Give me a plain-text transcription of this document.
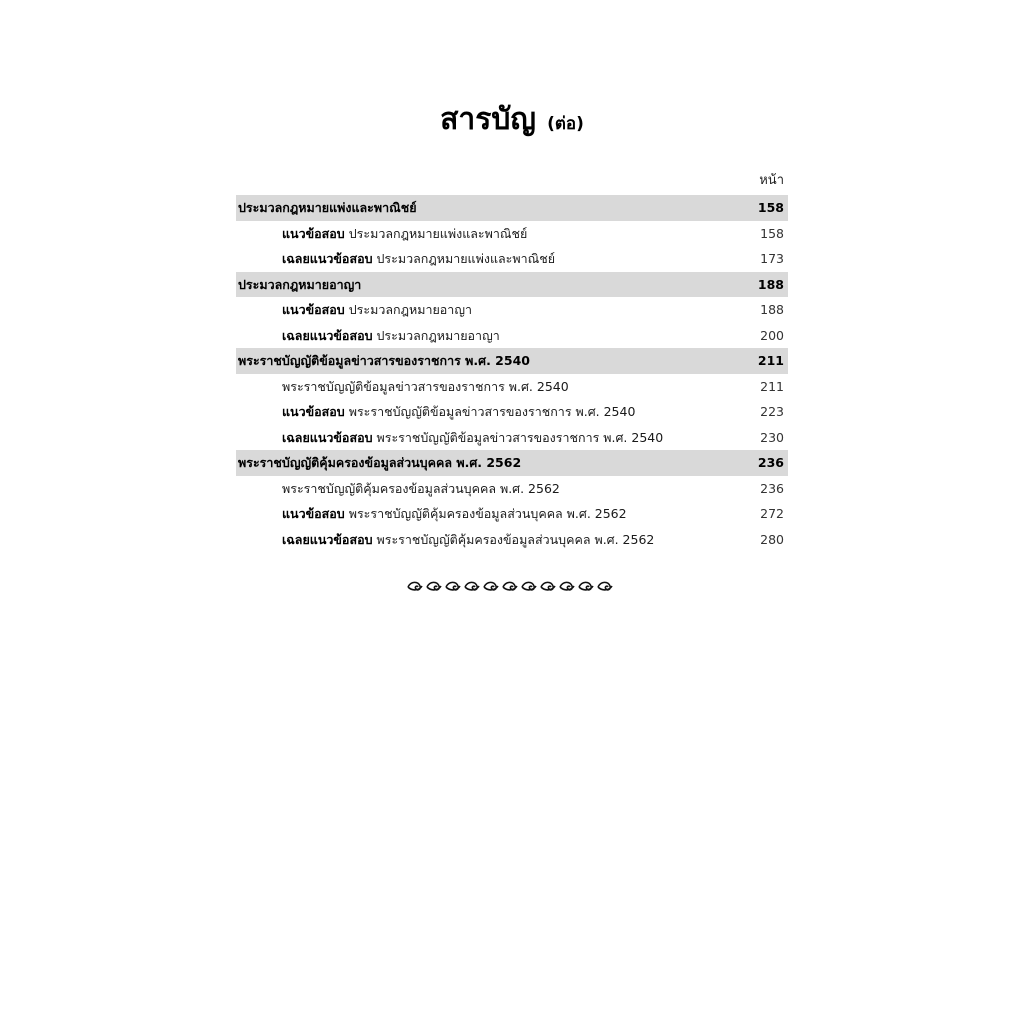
สารบัญ (ต่อ)
หน้า
ประมวลกฎหมายแพ่งและพาณิชย์	158
แนวข้อสอบ ประมวลกฎหมายแพ่งและพาณิชย์	158
เฉลยแนวข้อสอบ ประมวลกฎหมายแพ่งและพาณิชย์	173
ประมวลกฎหมายอาญา	188
แนวข้อสอบ ประมวลกฎหมายอาญา	188
เฉลยแนวข้อสอบ ประมวลกฎหมายอาญา	200
พระราชบัญญัติข้อมูลข่าวสารของราชการ พ.ศ. 2540	211
พระราชบัญญัติข้อมูลข่าวสารของราชการ พ.ศ. 2540	211
แนวข้อสอบ พระราชบัญญัติข้อมูลข่าวสารของราชการ พ.ศ. 2540	223
เฉลยแนวข้อสอบ พระราชบัญญัติข้อมูลข่าวสารของราชการ พ.ศ. 2540	230
พระราชบัญญัติคุ้มครองข้อมูลส่วนบุคคล พ.ศ. 2562	236
พระราชบัญญัติคุ้มครองข้อมูลส่วนบุคคล พ.ศ. 2562	236
แนวข้อสอบ พระราชบัญญัติคุ้มครองข้อมูลส่วนบุคคล พ.ศ. 2562	272
เฉลยแนวข้อสอบ พระราชบัญญัติคุ้มครองข้อมูลส่วนบุคคล พ.ศ. 2562	280
